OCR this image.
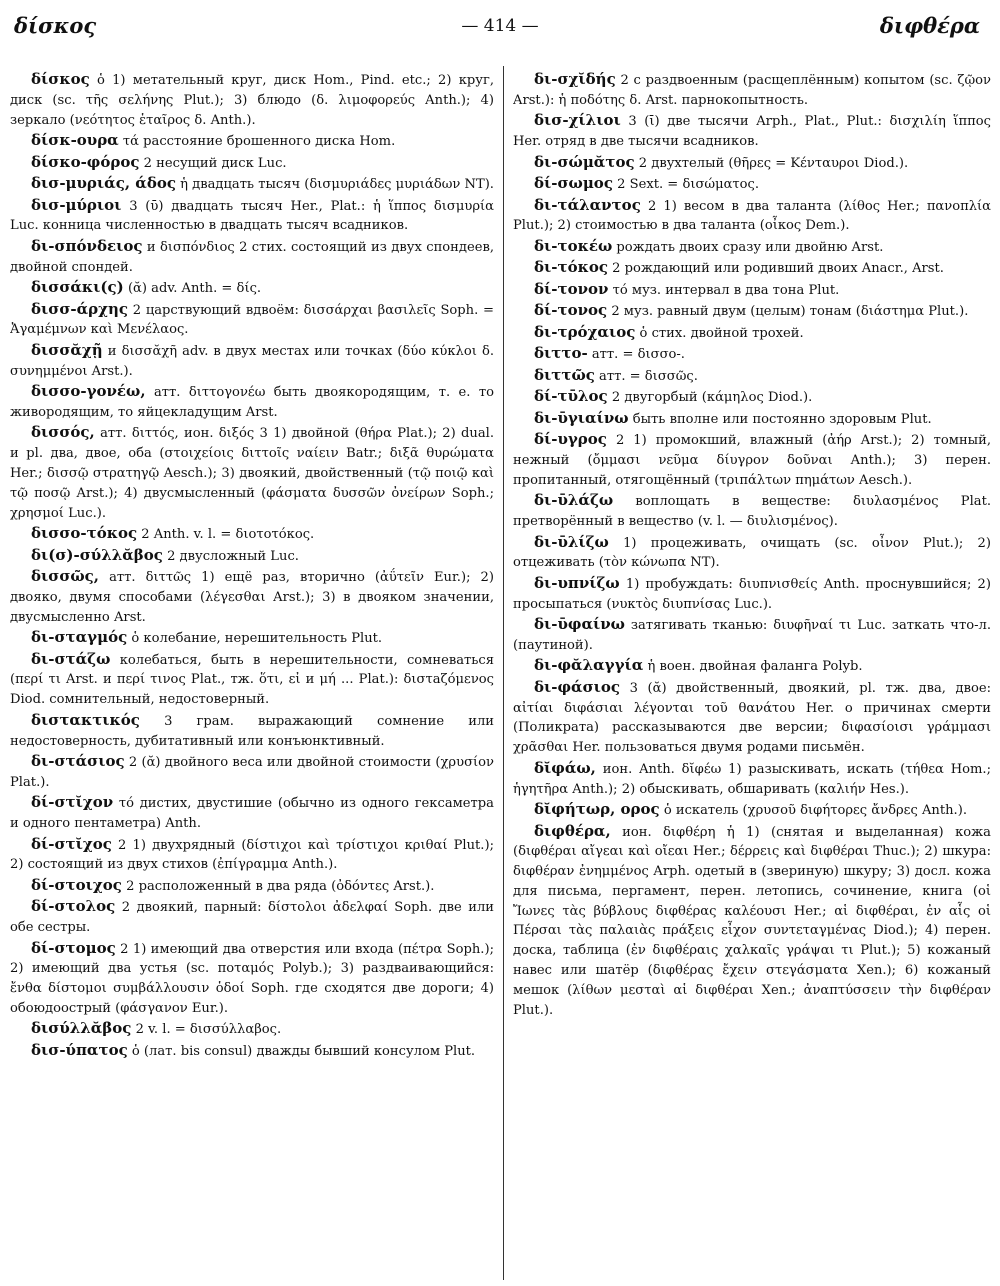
δίσκος	— 414 —	διφθέρα

δίσκος ὁ 1) метательный круг, диск Hom., Pind. etc.; 2) круг, диск (sc. τῆς σελήνης Plut.); 3) блюдо (δ. λιμοφορεύς Anth.); 4) зеркало (νεότητος ἑταῖρος δ. Anth.).

δίσκ-ουρα τά расстояние брошенного диска Hom.

δίσκο-φόρος 2 несущий диск Luc.

δισ-μυριάς, άδος ἡ двадцать тысяч (δισμυριάδες μυριάδων NT).

δισ-μύριοι 3 (ῡ) двадцать тысяч Her., Plat.: ἡ ἵππος δισμυρία Luc. конница численностью в двадцать тысяч всадников.

δι-σπόνδειος и δισπόνδιος 2 стих. состоящий из двух спондеев, двойной спондей.

δισσάκι(ς) (ᾰ) adv. Anth. = δίς.

δισσ-άρχης 2 царствующий вдвоём: δισσάρχαι βασιλεῖς Soph. = Ἀγαμέμνων καὶ Μενέλαος.

δισσᾰχῇ и δισσᾰχῆ adv. в двух местах или точках (δύο κύκλοι δ. συνημμένοι Arst.).

δισσο-γονέω, атт. διττογονέω быть двоякородящим, т. е. то живородящим, то яйцекладущим Arst.

δισσός, атт. διττός, ион. διξός 3 1) двойной (θήρα Plat.); 2) dual. и pl. два, двое, оба (στοιχείοις διττοῖς ναίειν Batr.; διξᾶ θυρώματα Her.; δισσῷ στρατηγῷ Aesch.); 3) двоякий, двойственный (τῷ ποιῷ καὶ τῷ ποσῷ Arst.); 4) двусмысленный (φάσματα δυσσῶν ὀνείρων Soph.; χρησμοί Luc.).

δισσο-τόκος 2 Anth. v. l. = διοτοτόκος.

δι(σ)-σύλλᾰβος 2 двусложный Luc.

δισσῶς, атт. διττῶς 1) ещё раз, вторично (ἀΰτεῖν Eur.); 2) двояко, двумя способами (λέγεσθαι Arst.); 3) в двояком значении, двусмысленно Arst.

δι-σταγμός ὁ колебание, нерешительность Plut.

δι-στάζω колебаться, быть в нерешительности, сомневаться (περί τι Arst. и περί τινος Plat., тж. ὅτι, εἰ и μή ... Plat.): διστaζόμενος Diod. сомнительный, недостоверный.

διστακτικός 3 грам. выражающий сомнение или недостоверность, дубитативный или конъюнктивный.

δι-στάσιος 2 (ᾰ) двойного веса или двойной стоимости (χρυσίον Plat.).

δί-στῐχον τό дистих, двустишие (обычно из одного гексаметра и одного пентаметра) Anth.

δί-στῐχος 2 1) двухрядный (δίστιχοι καὶ τρίστιχοι κριθαί Plut.); 2) состоящий из двух стихов (ἐπίγραμμα Anth.).

δί-στοιχος 2 расположенный в два ряда (ὀδόντες Arst.).

δί-στολος 2 двоякий, парный: δίστολοι ἀδελφαί Soph. две или обе сестры.

δί-στομος 2 1) имеющий два отверстия или входа (πέτρα Soph.); 2) имеющий два устья (sc. ποταμός Polyb.); 3) раздваивающийся: ἔνθα δίστομοι συμβάλλουσιν ὁδοί Soph. где сходятся две дороги; 4) обоюдоострый (φάσγανον Eur.).

δισύλλᾰβος 2 v. l. = δισσύλλαβος.

δισ-ύπατος ὁ (лат. bis consul) дважды бывший консулом Plut.

δι-σχῐδής 2 с раздвоенным (расщеплённым) копытом (sc. ζῷον Arst.): ἡ ποδότης δ. Arst. парнокопытность.

δισ-χίλιοι 3 (ῑ) две тысячи Arph., Plat., Plut.: δισχιλίη ἵππος Her. отряд в две тысячи всадников.

δι-σώμᾰτος 2 двухтелый (θῆρες = Κένταυροι Diod.).

δί-σωμος 2 Sext. = δισώματος.

δι-τάλαντος 2 1) весом в два таланта (λίθος Her.; πανοπλία Plut.); 2) стоимостью в два таланта (οἶκος Dem.).

δι-τοκέω рождать двоих сразу или двойню Arst.

δι-τόκος 2 рождающий или родивший двоих Anacr., Arst.

δί-τονον τό муз. интервал в два тона Plut.

δί-τονος 2 муз. равный двум (целым) тонам (διάστημα Plut.).

δι-τρόχαιος ὁ стих. двойной трохей.

διττο- атт. = δισσο-.

διττῶς атт. = δισσῶς.

δί-τῡλος 2 двугорбый (κάμηλος Diod.).

δι-ῡγιαίνω быть вполне или постоянно здоровым Plut.

δί-υγρος 2 1) промокший, влажный (ἀήρ Arst.); 2) томный, нежный (ὄμμασι νεῦμα δίυγρον δοῦναι Anth.); 3) перен. пропитанный, отягощённый (τριπάλτων πημάτων Aesch.).

δι-ῡλάζω воплощать в веществе: διυλασμένος Plat. претворённый в вещество (v. l. — διυλισμένος).

δι-ῡλίζω 1) процеживать, очищать (sc. οἶνον Plut.); 2) отцеживать (τὸν κώνωπα NT).

δι-υπνίζω 1) пробуждать: διυπνισθείς Anth. проснувшийся; 2) просыпаться (νυκτὸς διυπνίσας Luc.).

δι-ῡφαίνω затягивать тканью: διυφῆναί τι Luc. заткать что-л. (паутиной).

δι-φᾰλαγγία ἡ воен. двойная фаланга Polyb.

δι-φάσιος 3 (ᾰ) двойственный, двоякий, pl. тж. два, двое: αἰτίαι διφάσιαι λέγονται τοῦ θανάτου Her. о причинах смерти (Поликрата) рассказываются две версии; διφασίοισι γράμμασι χρᾶσθαι Her. пользоваться двумя родами письмён.

δῐφάω, ион. Anth. δῐφέω 1) разыскивать, искать (τήθεα Hom.; ἡγητῆρα Anth.); 2) обыскивать, обшаривать (καλιήν Hes.).

δῐφήτωρ, ορος ὁ искатель (χρυσοῦ διφήτορες ἄνδρες Anth.).

διφθέρα, ион. διφθέρη ἡ 1) (снятая и выделанная) кожа (διφθέραι αἴγεαι καὶ οἴεαι Her.; δέρρεις καὶ διφθέραι Thuc.); 2) шкура: διφθέραν ἐνημμένος Arph. одетый в (звериную) шкуру; 3) досл. кожа для письма, пергамент, перен. летопись, сочинение, книга (οἱ Ἴωνες τὰς βύβλους διφθέρας καλέουσι Her.; αἱ διφθέραι, ἐν αἷς οἱ Πέρσαι τὰς παλαιὰς πράξεις εἶχον συντεταγμένας Diod.); 4) перен. доска, таблица (ἐν διφθέραις χαλκαῖς γράψαι τι Plut.); 5) кожаный навес или шатёр (διφθέρας ἔχειν στεγάσματα Xen.); 6) кожаный мешок (λίθων μεσταὶ αἱ διφθέραι Xen.; ἀναπτύσσειν τὴν διφθέραν Plut.).
